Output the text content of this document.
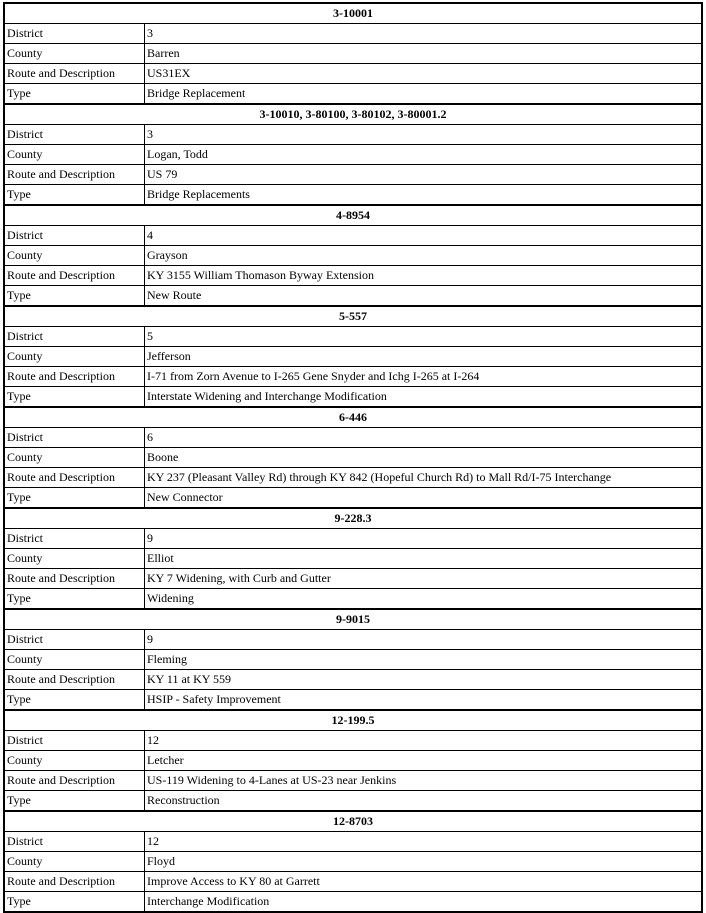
3-10001
District	3
County	Barren
Route and Description	US31EX
Type	Bridge Replacement
3-10010, 3-80100, 3-80102, 3-80001.2
District	3
County	Logan, Todd
Route and Description	US 79
Type	Bridge Replacements
4-8954
District	4
County	Grayson
Route and Description	KY 3155 William Thomason Byway Extension
Type	New Route
5-557
District	5
County	Jefferson
Route and Description	I-71 from Zorn Avenue to I-265 Gene Snyder and Ichg I-265 at I-264
Type	Interstate Widening and Interchange Modification
6-446
District	6
County	Boone
Route and Description	KY 237 (Pleasant Valley Rd) through KY 842 (Hopeful Church Rd) to Mall Rd/I-75 Interchange
Type	New Connector
9-228.3
District	9
County	Elliot
Route and Description	KY 7 Widening, with Curb and Gutter
Type	Widening
9-9015
District	9
County	Fleming
Route and Description	KY 11 at KY 559
Type	HSIP - Safety Improvement
12-199.5
District	12
County	Letcher
Route and Description	US-119 Widening to 4-Lanes at US-23 near Jenkins
Type	Reconstruction
12-8703
District	12
County	Floyd
Route and Description	Improve Access to KY 80 at Garrett
Type	Interchange Modification
